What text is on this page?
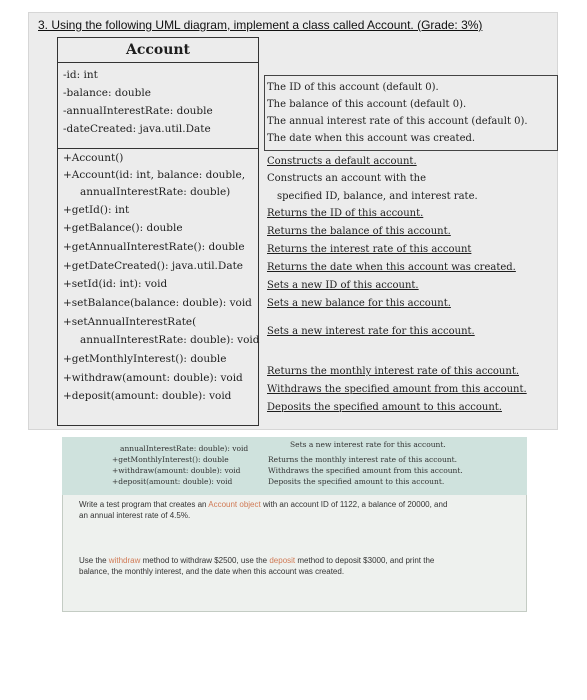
3. Using the following UML diagram, implement a class called Account. (Grade: 3%)
Account
-id: int
-balance: double
-annualInterestRate: double
-dateCreated: java.util.Date
+Account()
+Account(id: int, balance: double,
annualInterestRate: double)
+getId(): int
+getBalance(): double
+getAnnualInterestRate(): double
+getDateCreated(): java.util.Date
+setId(id: int): void
+setBalance(balance: double): void
+setAnnualInterestRate(
annualInterestRate: double): void
+getMonthlyInterest(): double
+withdraw(amount: double): void
+deposit(amount: double): void
The ID of this account (default 0).
The balance of this account (default 0).
The annual interest rate of this account (default 0).
The date when this account was created.
Constructs a default account.
Constructs an account with the
specified ID, balance, and interest rate.
Returns the ID of this account.
Returns the balance of this account.
Returns the interest rate of this account
Returns the date when this account was created.
Sets a new ID of this account.
Sets a new balance for this account.
Sets a new interest rate for this account.
Returns the monthly interest rate of this account.
Withdraws the specified amount from this account.
Deposits the specified amount to this account.
annualInterestRate: double): void
+getMonthlyInterest(): double
+withdraw(amount: double): void
+deposit(amount: double): void
Sets a new interest rate for this account.
Returns the monthly interest rate of this account.
Withdraws the specified amount from this account.
Deposits the specified amount to this account.
Write a test program that creates an Account object with an account ID of 1122, a balance of 20000, and
an annual interest rate of 4.5%.
Use the withdraw method to withdraw $2500, use the deposit method to deposit $3000, and print the
balance, the monthly interest, and the date when this account was created.
